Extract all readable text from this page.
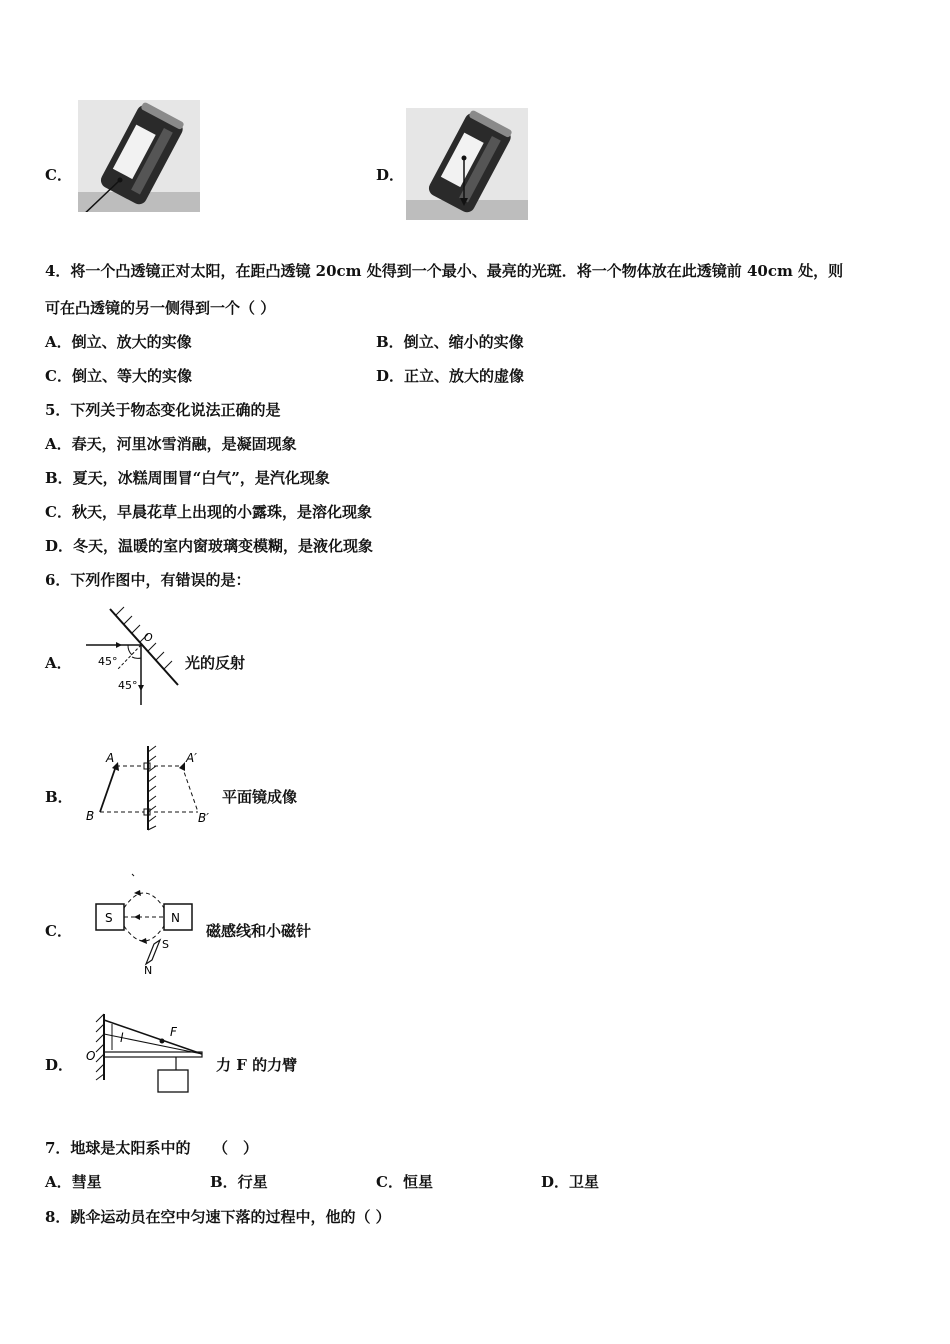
C．	D．
4．将一个凸透镜正对太阳，在距凸透镜 20cm 处得到一个最小、最亮的光斑．将一个物体放在此透镜前 40cm 处，则
可在凸透镜的另一侧得到一个（ ）
A．倒立、放大的实像	B．倒立、缩小的实像
C．倒立、等大的实像	D．正立、放大的虚像
5．下列关于物态变化说法正确的是
A．春天，河里冰雪消融，是凝固现象
B．夏天，冰糕周围冒“白气”，是汽化现象
C．秋天，早晨花草上出现的小露珠，是溶化现象
D．冬天，温暖的室内窗玻璃变模糊，是液化现象
6．下列作图中，有错误的是：
A． 45°
45°
O
光的反射
B．
A	A′
B	B′
平面镜成像
C．
S	N
S
N
磁感线和小磁针
D． O
F
l
力 F 的力臂
7．地球是太阳系中的　　（　）
A．彗星	B．行星	C．恒星	D．卫星
8．跳伞运动员在空中匀速下落的过程中，他的（ ）
